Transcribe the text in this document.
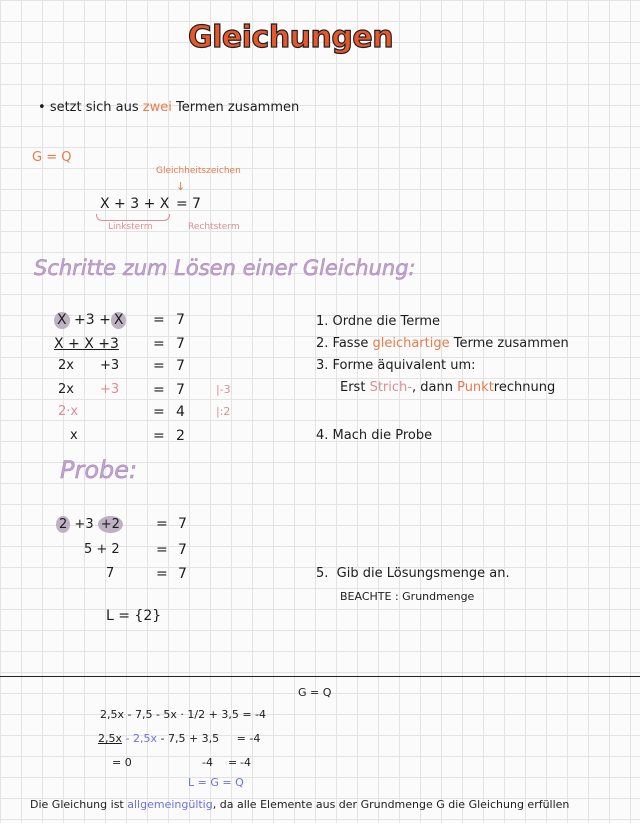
Gleichungen
• setzt sich aus zwei Termen zusammen
G = Q
Gleichheitszeichen
↓
X + 3 + X = 7
Linksterm	Rechtsterm
Schritte zum Lösen einer Gleichung:
X +3 + X = 7
X + X +3 = 7
2x +3 = 7
2x +3 = 7	|-3
2·x	= 4	|:2
x	= 2
1. Ordne die Terme
2. Fasse gleichartige Terme zusammen
3. Forme äquivalent um:
Erst Strich-, dann Punktrechnung
4. Mach die Probe
Probe:
2 +3 +2	= 7
5 + 2	= 7
7	= 7	5. Gib die Lösungsmenge an.
BEACHTE : Grundmenge
L = {2}
G = Q
2,5x - 7,5 - 5x · 1/2 + 3,5 = -4
2,5x - 2,5x - 7,5 + 3,5 = -4
= 0	-4 = -4
L = G = Q
Die Gleichung ist allgemeingültig, da alle Elemente aus der Grundmenge G die Gleichung erfüllen
